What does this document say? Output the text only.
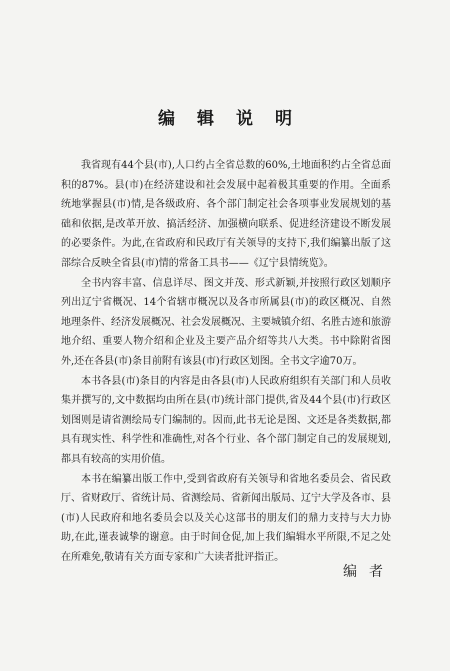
编辑说明

我省现有44个县(市),人口约占全省总数的60%,土地面积约占全省总面积的87%。县(市)在经济建设和社会发展中起着极其重要的作用。全面系统地掌握县(市)情,是各级政府、各个部门制定社会各项事业发展规划的基础和依据,是改革开放、搞活经济、加强横向联系、促进经济建设不断发展的必要条件。为此,在省政府和民政厅有关领导的支持下,我们编纂出版了这部综合反映全省县(市)情的常备工具书——《辽宁县情统览》。

全书内容丰富、信息详尽、图文并茂、形式新颖,并按照行政区划顺序列出辽宁省概况、14个省辖市概况以及各市所属县(市)的政区概况、自然地理条件、经济发展概况、社会发展概况、主要城镇介绍、名胜古迹和旅游地介绍、重要人物介绍和企业及主要产品介绍等共八大类。书中除附省图外,还在各县(市)条目前附有该县(市)行政区划图。全书文字逾70万。

本书各县(市)条目的内容是由各县(市)人民政府组织有关部门和人员收集并撰写的,文中数据均由所在县(市)统计部门提供,省及44个县(市)行政区划图则是请省测绘局专门编制的。因而,此书无论是图、文还是各类数据,都具有现实性、科学性和准确性,对各个行业、各个部门制定自己的发展规划,都具有较高的实用价值。

本书在编纂出版工作中,受到省政府有关领导和省地名委员会、省民政厅、省财政厅、省统计局、省测绘局、省新闻出版局、辽宁大学及各市、县(市)人民政府和地名委员会以及关心这部书的朋友们的鼎力支持与大力协助,在此,谨表诚挚的谢意。由于时间仓促,加上我们编辑水平所限,不足之处在所难免,敬请有关方面专家和广大读者批评指正。

编者
